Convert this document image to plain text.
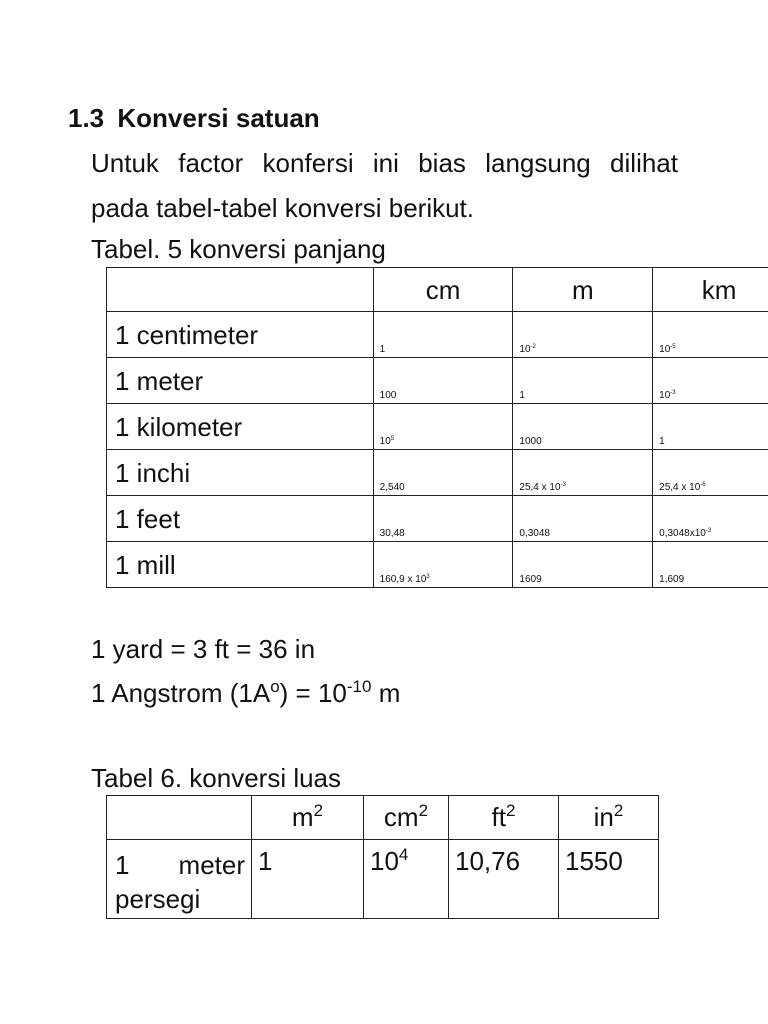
1.3 Konversi satuan
Untuk factor konfersi ini bias langsung dilihat
pada tabel-tabel konversi berikut.
Tabel. 5 konversi panjang
	cm	m	km
1 centimeter	1	$10^{-2}$	$10^{-5}$
1 meter	100	1	$10^{-3}$
1 kilometer	$10^5$	1000	1
1 inchi	2,540	25,4 x $10^{-3}$	25,4 x $10^{-6}$
1 feet	30,48	0,3048	$0,3048x10^{-3}$
1 mill	160,9 x $10^3$	1609	1,609
1 yard = 3 ft = 36 in
1 Angstrom $(1A^o) = 10^{-10}$ m
Tabel 6. konversi luas
	$m^2$	$cm^2$	$ft^2$	$in^2$

1 meter
persegi	1	$10^4$	10,76	1550
